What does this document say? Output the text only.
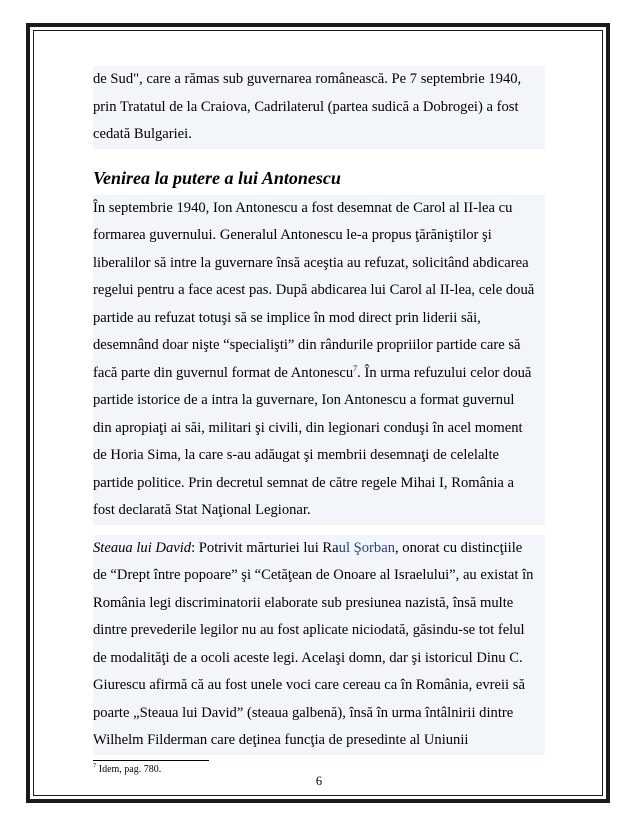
de Sud", care a rămas sub guvernarea românească. Pe 7 septembrie 1940,
prin Tratatul de la Craiova, Cadrilaterul (partea sudică a Dobrogei) a fost
cedată Bulgariei.
Venirea la putere a lui Antonescu
În septembrie 1940, Ion Antonescu a fost desemnat de Carol al II-lea cu
formarea guvernului. Generalul Antonescu le-a propus ţărăniştilor şi
liberalilor să intre la guvernare însă aceştia au refuzat, solicitând abdicarea
regelui pentru a face acest pas. După abdicarea lui Carol al II-lea, cele două
partide au refuzat totuşi să se implice în mod direct prin liderii săi,
desemnând doar nişte “specialişti” din rândurile propriilor partide care să
facă parte din guvernul format de Antonescu$^7$. În urma refuzului celor două
partide istorice de a intra la guvernare, Ion Antonescu a format guvernul
din apropiaţi ai săi, militari şi civili, din legionari conduşi în acel moment
de Horia Sima, la care s-au adăugat şi membrii desemnaţi de celelalte
partide politice. Prin decretul semnat de către regele Mihai I, România a
fost declarată Stat Naţional Legionar.
Steaua lui David: Potrivit mărturiei lui Raul Şorban, onorat cu distincţiile
de “Drept între popoare” şi “Cetăţean de Onoare al Israelului”, au existat în
România legi discriminatorii elaborate sub presiunea nazistă, însă multe
dintre prevederile legilor nu au fost aplicate niciodată, găsindu-se tot felul
de modalităţi de a ocoli aceste legi. Acelaşi domn, dar şi istoricul Dinu C.
Giurescu afirmă că au fost unele voci care cereau ca în România, evreii să
poarte „Steaua lui David” (steaua galbenă), însă în urma întâlnirii dintre
Wilhelm Filderman care deţinea funcţia de presedinte al Uniunii
$^7$ Idem, pag. 780.
6
